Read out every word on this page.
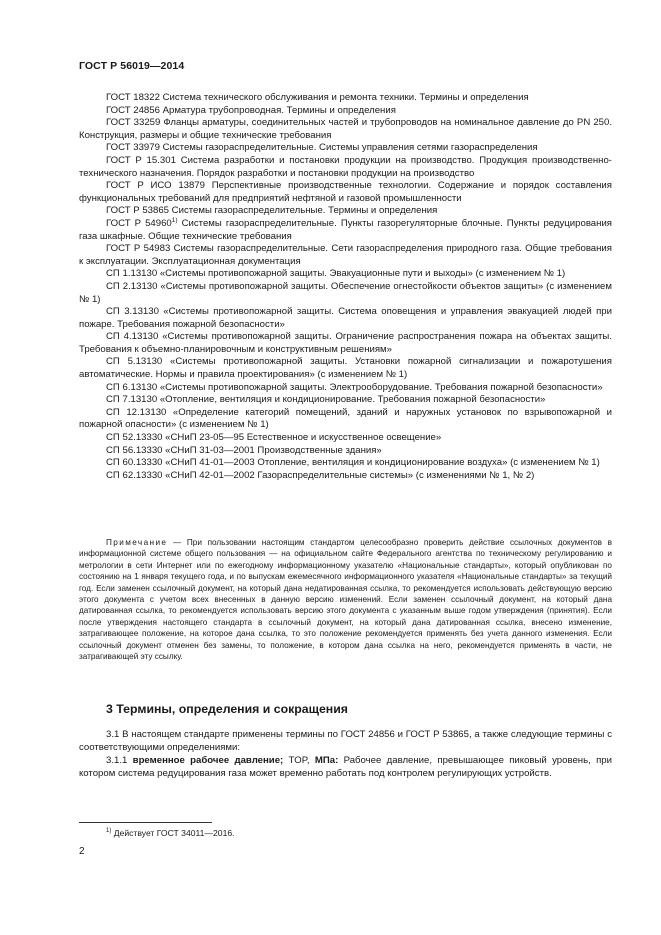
ГОСТ Р 56019—2014

ГОСТ 18322 Система технического обслуживания и ремонта техники. Термины и определения

ГОСТ 24856 Арматура трубопроводная. Термины и определения

ГОСТ 33259 Фланцы арматуры, соединительных частей и трубопроводов на номинальное давление до PN 250. Конструкция, размеры и общие технические требования

ГОСТ 33979 Системы газораспределительные. Системы управления сетями газораспределения

ГОСТ Р 15.301 Система разработки и постановки продукции на производство. Продукция производственно-технического назначения. Порядок разработки и постановки продукции на производство

ГОСТ Р ИСО 13879 Перспективные производственные технологии. Содержание и порядок составления функциональных требований для предприятий нефтяной и газовой промышленности

ГОСТ Р 53865 Системы газораспределительные. Термины и определения

ГОСТ Р 54960$^{1)}$ Системы газораспределительные. Пункты газорегуляторные блочные. Пункты редуцирования газа шкафные. Общие технические требования

ГОСТ Р 54983 Системы газораспределительные. Сети газораспределения природного газа. Общие требования к эксплуатации. Эксплуатационная документация

СП 1.13130 «Системы противопожарной защиты. Эвакуационные пути и выходы» (с изменением № 1)

СП 2.13130 «Системы противопожарной защиты. Обеспечение огнестойкости объектов защиты» (с изменением № 1)

СП 3.13130 «Системы противопожарной защиты. Система оповещения и управления эвакуацией людей при пожаре. Требования пожарной безопасности»

СП 4.13130 «Системы противопожарной защиты. Ограничение распространения пожара на объектах защиты. Требования к объемно-планировочным и конструктивным решениям»

СП 5.13130 «Системы противопожарной защиты. Установки пожарной сигнализации и пожаротушения автоматические. Нормы и правила проектирования» (с изменением № 1)

СП 6.13130 «Системы противопожарной защиты. Электрооборудование. Требования пожарной безопасности»

СП 7.13130 «Отопление, вентиляция и кондиционирование. Требования пожарной безопасности»

СП 12.13130 «Определение категорий помещений, зданий и наружных установок по взрывопожарной и пожарной опасности» (с изменением № 1)

СП 52.13330 «СНиП 23-05—95 Естественное и искусственное освещение»

СП 56.13330 «СНиП 31-03—2001 Производственные здания»

СП 60.13330 «СНиП 41-01—2003 Отопление, вентиляция и кондиционирование воздуха» (с изменением № 1)

СП 62.13330 «СНиП 42-01—2002 Газораспределительные системы» (с изменениями № 1, № 2)

Примечание — При пользовании настоящим стандартом целесообразно проверить действие ссылочных документов в информационной системе общего пользования — на официальном сайте Федерального агентства по техническому регулированию и метрологии в сети Интернет или по ежегодному информационному указателю «Национальные стандарты», который опубликован по состоянию на 1 января текущего года, и по выпускам ежемесячного информационного указателя «Национальные стандарты» за текущий год. Если заменен ссылочный документ, на который дана недатированная ссылка, то рекомендуется использовать действующую версию этого документа с учетом всех внесенных в данную версию изменений. Если заменен ссылочный документ, на который дана датированная ссылка, то рекомендуется использовать версию этого документа с указанным выше годом утверждения (принятия). Если после утверждения настоящего стандарта в ссылочный документ, на который дана датированная ссылка, внесено изменение, затрагивающее положение, на которое дана ссылка, то это положение рекомендуется применять без учета данного изменения. Если ссылочный документ отменен без замены, то положение, в котором дана ссылка на него, рекомендуется применять в части, не затрагивающей эту ссылку.
3 Термины, определения и сокращения

3.1 В настоящем стандарте применены термины по ГОСТ 24856 и ГОСТ Р 53865, а также следующие термины с соответствующими определениями:

3.1.1 временное рабочее давление; TOP, МПа: Рабочее давление, превышающее пиковый уровень, при котором система редуцирования газа может временно работать под контролем регулирующих устройств.

$^{1)}$ Действует ГОСТ 34011—2016.
2
